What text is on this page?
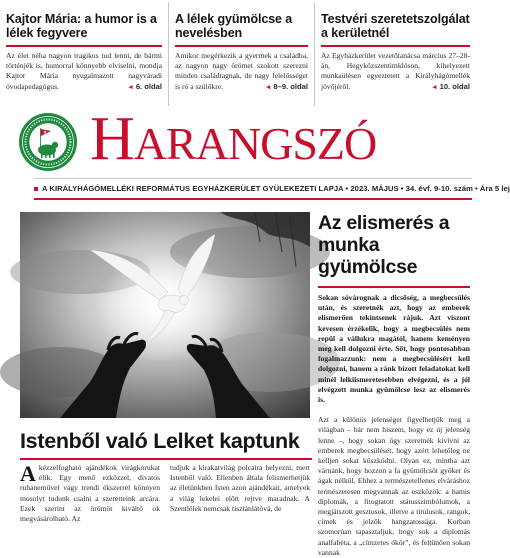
Kajtor Mária: a humor is a lélek fegyvere

Az élet néha nagyon tragikus tud lenni, de bármi történjék is, humorral könnyebb elviselni, mondja Kajtor Mária nyugalmazott nagyváradi óvodapedagógus.	◄ 6. oldal

A lélek gyümölcse a nevelésben

Amikor megérkezik a gyermek a családba, az nagyon nagy örömet szokott szerezni minden családtagnak, de nagy felelősséget is ró a szülőkre.	◄ 8–9. oldal

Testvéri szeretetszolgálat a kerületnél

Az Egyházkerület vezetőtanácsa március 27–28-án, Hegyközszentimklóson, kihelyezett munkaülésen egyeztetett a Királyhágómellék jövőjéről.	◄ 10. oldal

HARANGSZÓ
A KIRÁLYHÁGÓMELLÉKI REFORMÁTUS EGYHÁZKERÜLET GYÜLEKEZETI LAPJA • 2023. MÁJUS • 34. évf. 9-10. szám • Ára 5 lej
Istenből való Lelket kaptunk

Akézzelfogható ajándékok virágkorukat élik. Egy menő ezközzel, divatos ruhaneművel vagy trendi ékszerrel könnyen mosolyt tudunk csalni a szeretteink arcára. Ezek szerint az örömöt kiváltó ok megvásárolható. Az

tudjuk a kirakatvilág polcaira helyezni, mert Istenből való. Ellenben általa felismerhetjük az életünkben Isten azon ajándékait, amelyek a világ lekelei előtt rejtve maradnak. A Szentlélek nemcsak tisztánlátóvá, de

Az elismerés a munka gyümölcse

Sokan sóvárognak a dicsőség, a megbecsülés után, és szeretnék azt, hogy az emberek elismerően tekintsenek rájuk. Azt viszont kevesen érzékelik, hogy a megbecsülés nem repül a vállukra magától, hanem keményen meg kell dolgozni érte. Sőt, hogy pontosabban fogalmazzunk: nem a megbecsülésért kell dolgozni, hanem a ránk bízott feladatokat kell minél lelkiismeretesebben elvégezni, és a jól elvégzett munka gyümölcse lesz az elismerés is.

Azt a különös jelenséget figyelhetjük meg a világban – bár nem hiszem, hogy ez új jelenség lenne –, hogy sokan úgy szeretnék kivívni az emberek megbecsülését, hogy azért lehetőleg ne kelljen sokat küszködni. Olyan ez, mintha azt várnánk, hogy hozzon a fa gyümölcsöt gyöker és ágak nélkül. Ehhez a természetellenes elváráshoz természetesen megvannak az eszközök: a hamis diplomák, a fitogtatott státusszimbólumok, a megjátszott gesztusok, illetve a titulusok, rangok, címek és jelzők hangzatossága. Korban szomorúan tapasztaljuk, hogy sok a diplomás analfabéta, a „címzetes ókör”, és feltűnően sokan vannak
